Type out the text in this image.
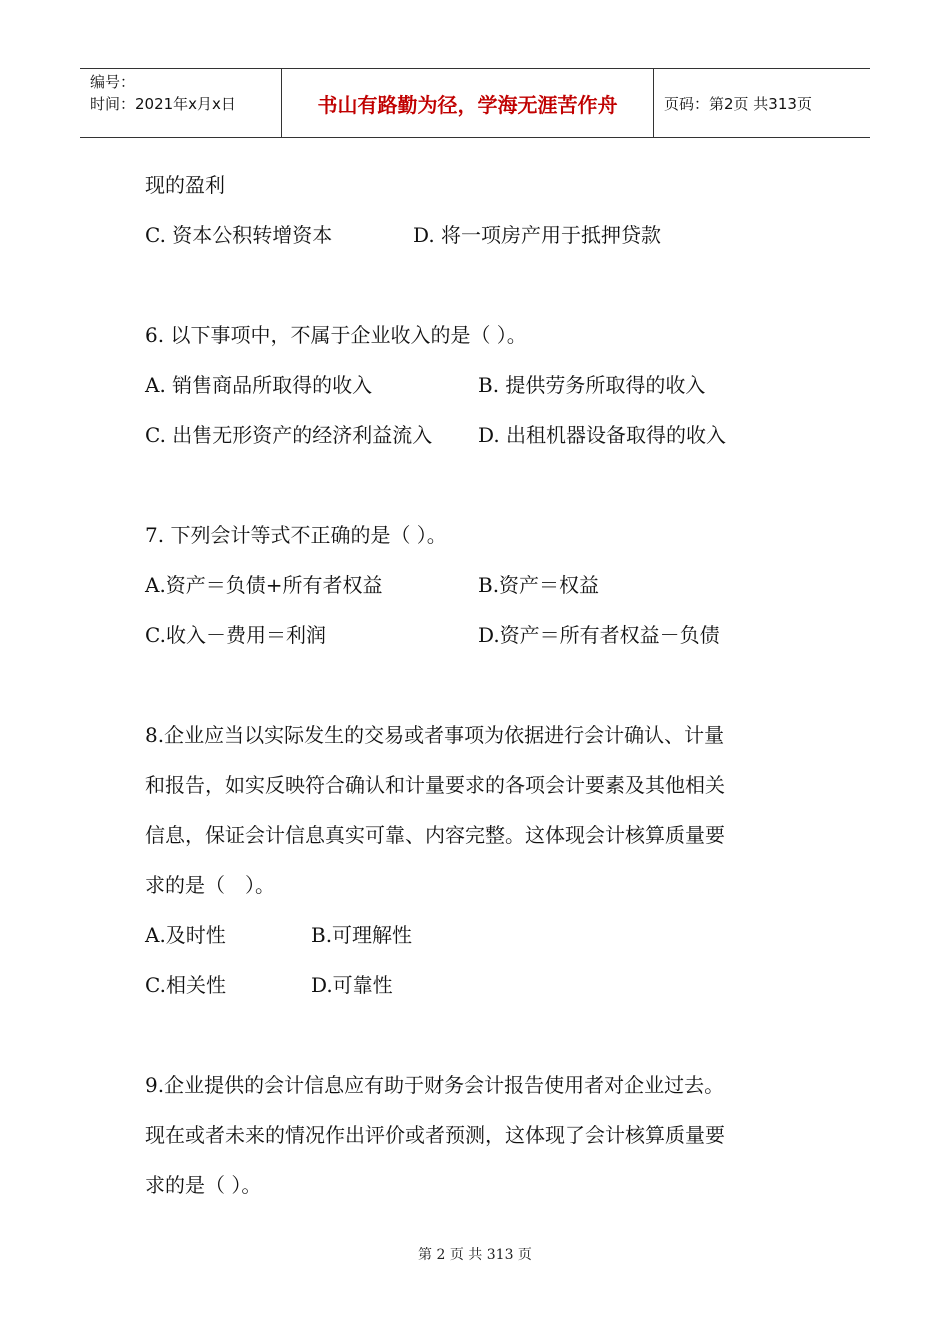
编号：
时间：2021年x月x日	书山有路勤为径，学海无涯苦作舟	页码：第2页 共313页
现的盈利
C. 资本公积转增资本	D. 将一项房产用于抵押贷款
6. 以下事项中，不属于企业收入的是（ ）。
A. 销售商品所取得的收入	B. 提供劳务所取得的收入
C. 出售无形资产的经济利益流入 D. 出租机器设备取得的收入
7. 下列会计等式不正确的是（ ）。
A.资产＝负债+所有者权益	B.资产＝权益
C.收入－费用＝利润	D.资产＝所有者权益－负债
8.企业应当以实际发生的交易或者事项为依据进行会计确认、计量
和报告，如实反映符合确认和计量要求的各项会计要素及其他相关
信息，保证会计信息真实可靠、内容完整。这体现会计核算质量要
求的是（　）。
A.及时性	B.可理解性
C.相关性	D.可靠性
9.企业提供的会计信息应有助于财务会计报告使用者对企业过去。
现在或者未来的情况作出评价或者预测，这体现了会计核算质量要
求的是（ ）。
第 2 页 共 313 页
